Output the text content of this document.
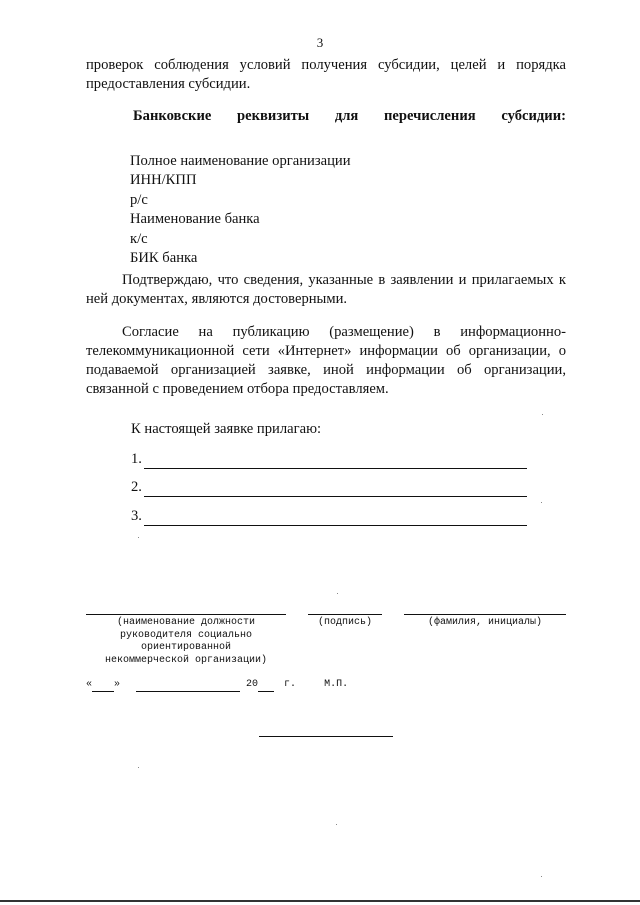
3
проверок соблюдения условий получения субсидии, целей и порядка
предоставления субсидии.
Банковские реквизиты для перечисления субсидии:
Полное наименование организации
ИНН/КПП
р/с
Наименование банка
к/с
БИК банка
Подтверждаю, что сведения, указанные в заявлении и прилагаемых к ней документах, являются достоверными.
Согласие на публикацию (размещение) в информационно-телекоммуникационной сети «Интернет» информации об организации, о подаваемой организацией заявке, иной информации об организации, связанной с проведением отбора предоставляем.
К настоящей заявке прилагаю:
1.
2.
3.
(наименование должности
руководителя социально
ориентированной
некоммерческой организации)
(подпись)	(фамилия, инициалы)
« »	20	г.	М.П.
